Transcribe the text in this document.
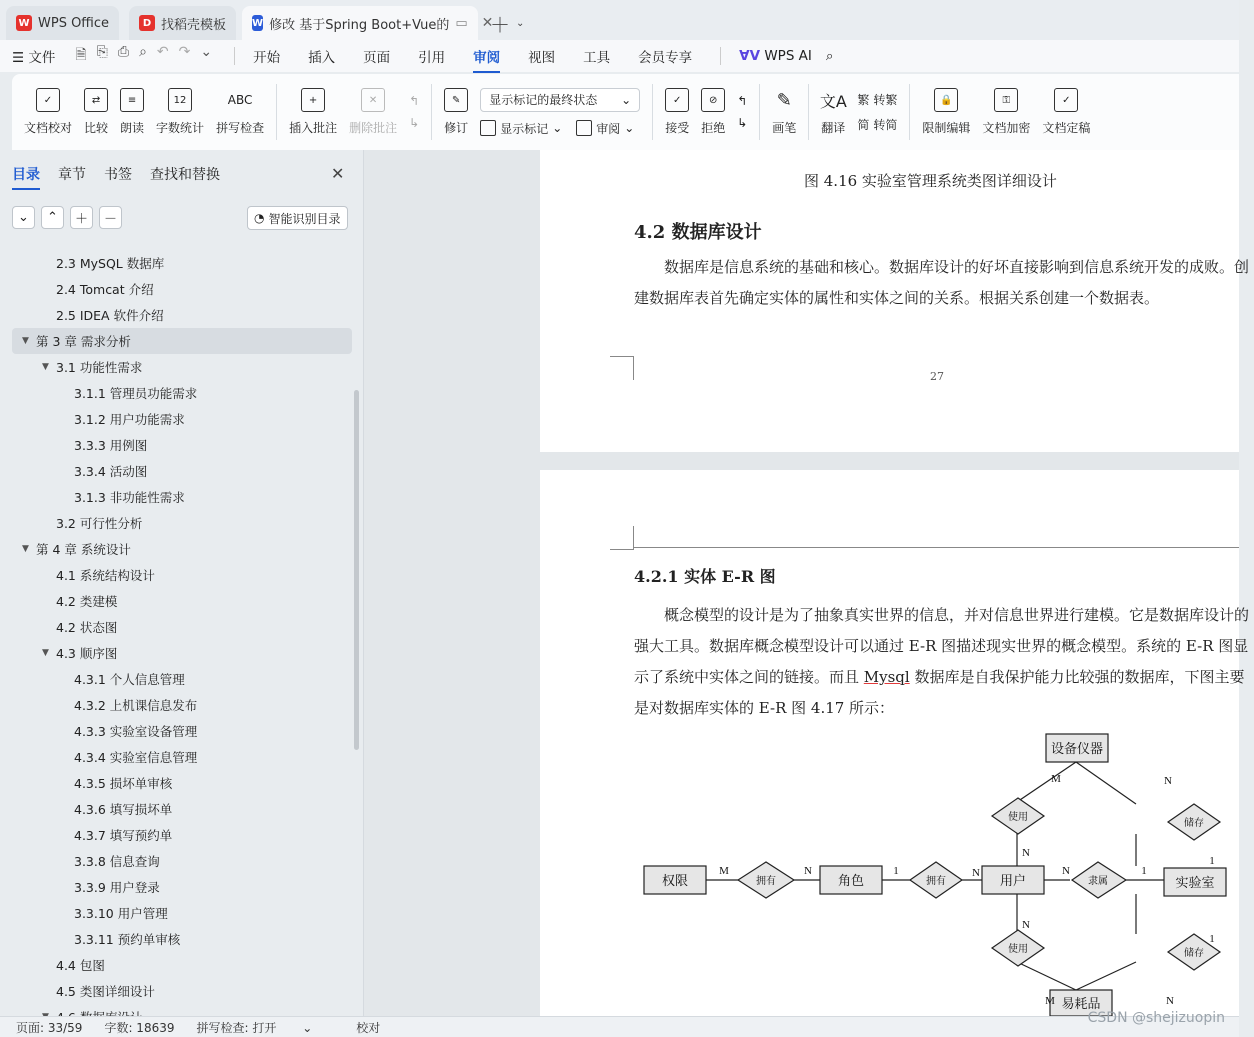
W WPS Office	D 找稻壳模板	W 修改 基于Spring Boot+Vue的 ▭ ✕
＋ ⌄
☰ 文件 🗎 ⎘ ⎙ ⌕ ↶ ↷ ⌄	开始 插入 页面 引用 审阅 视图 工具 会员专享	ⱯⅤ WPS AI ⌕
✓
文档校对
⇄
比较
≡
朗读
12
字数统计
ABC
拼写检查
+
插入批注
✕
删除批注
↰
↳
✎
修订
显示标记的最终状态 ⌄
显示标记 ⌄	审阅 ⌄
✓
接受
⊘
拒绝
↰
↳
✎
画笔
文A
翻译
繁 转繁
简 转简
🔒
限制编辑
⚿
文档加密
✓
文档定稿
目录 章节 书签 查找和替换	✕
⌄	⌃	＋	－	◔ 智能识别目录
2.3 MySQL 数据库
2.4 Tomcat 介绍
2.5 IDEA 软件介绍
▼ 第 3 章 需求分析
▼ 3.1 功能性需求
3.1.1 管理员功能需求
3.1.2 用户功能需求
3.3.3 用例图
3.3.4 活动图
3.1.3 非功能性需求
3.2 可行性分析
▼ 第 4 章 系统设计
4.1 系统结构设计
4.2 类建模
4.2 状态图
▼ 4.3 顺序图
4.3.1 个人信息管理
4.3.2 上机课信息发布
4.3.3 实验室设备管理
4.3.4 实验室信息管理
4.3.5 损坏单审核
4.3.6 填写损坏单
4.3.7 填写预约单
3.3.8 信息查询
3.3.9 用户登录
3.3.10 用户管理
3.3.11 预约单审核
4.4 包图
4.5 类图详细设计
图 4.16 实验室管理系统类图详细设计
4.2 数据库设计
数据库是信息系统的基础和核心。数据库设计的好坏直接影响到信息系统开发的成败。创建数据库表首先确定实体的属性和实体之间的关系。根据关系创建一个数据表。
27
4.2.1 实体 E-R 图
概念模型的设计是为了抽象真实世界的信息，并对信息世界进行建模。它是数据库设计的强大工具。数据库概念模型设计可以通过 E-R 图描述现实世界的概念模型。系统的 E-R 图显示了系统中实体之间的链接。而且 Mysql 数据库是自我保护能力比较强的数据库，下图主要是对数据库实体的 E-R 图 4.17 所示：
权限	角色	用户	实验室
设备仪器
易耗品
拥有	拥有	隶属
使用
储存
使用	储存
M	N	1	N	N	1
M	N
N
1
N
1
M	N
页面: 33/59 字数: 18639 拼写检查: 打开 ⌄	校对
CSDN @shejizuopin
